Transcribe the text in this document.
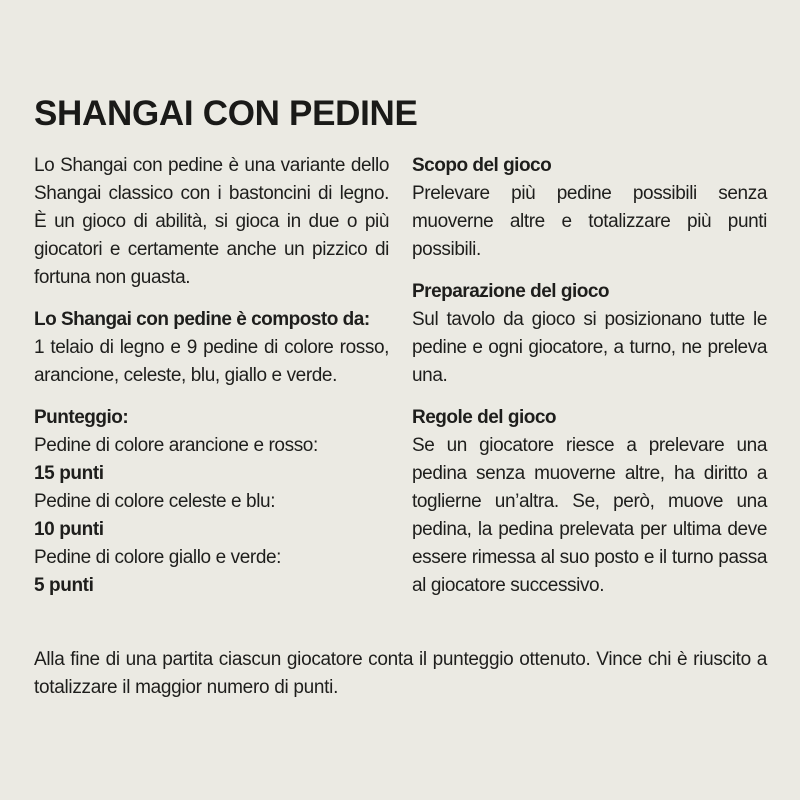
SHANGAI CON PEDINE

Lo Shangai con pedine è una variante dello Shangai classico con i bastoncini di legno. È un gioco di abilità, si gioca in due o più giocatori e certamente anche un pizzico di fortuna non guasta.

Lo Shangai con pedine è composto da:

1 telaio di legno e 9 pedine di colore rosso, arancione, celeste, blu, giallo e verde.

Punteggio:

Pedine di colore arancione e rosso:

15 punti

Pedine di colore celeste e blu:

10 punti

Pedine di colore giallo e verde:

5 punti

Scopo del gioco

Prelevare più pedine possibili senza muoverne altre e totalizzare più punti possibili.

Preparazione del gioco

Sul tavolo da gioco si posizionano tutte le pedine e ogni giocatore, a turno, ne preleva una.

Regole del gioco

Se un giocatore riesce a prelevare una pedina senza muoverne altre, ha diritto a toglierne un’altra. Se, però, muove una pedina, la pedina prelevata per ultima deve essere rimessa al suo posto e il turno passa al giocatore successivo.

Alla fine di una partita ciascun giocatore conta il punteggio ottenuto. Vince chi è riuscito a totalizzare il maggior numero di punti.
